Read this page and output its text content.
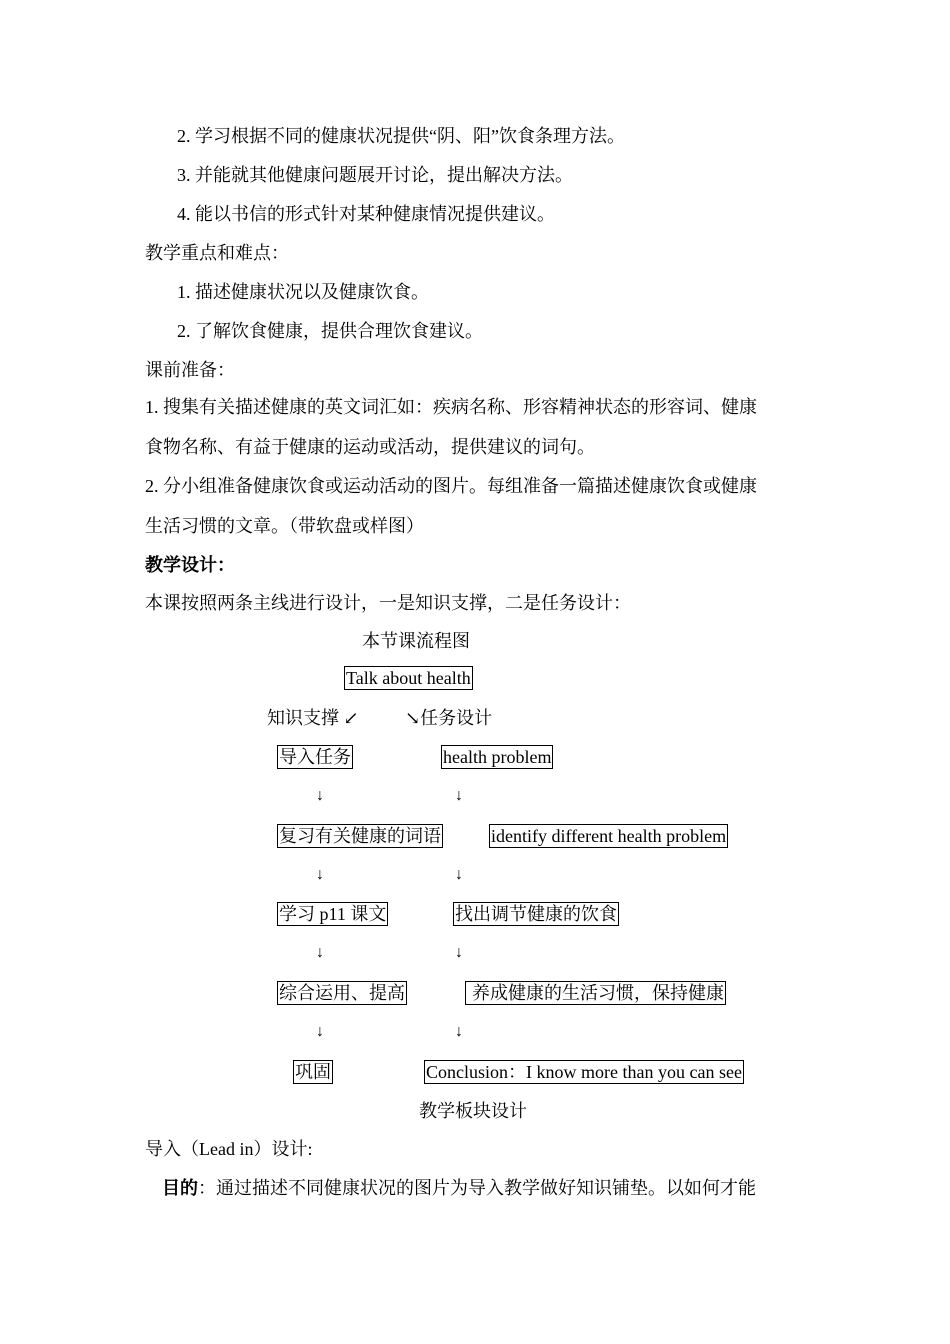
2. 学习根据不同的健康状况提供“阴、阳”饮食条理方法。
3. 并能就其他健康问题展开讨论，提出解决方法。
4. 能以书信的形式针对某种健康情况提供建议。
教学重点和难点：
1. 描述健康状况以及健康饮食。
2. 了解饮食健康，提供合理饮食建议。
课前准备：
1. 搜集有关描述健康的英文词汇如：疾病名称、形容精神状态的形容词、健康
食物名称、有益于健康的运动或活动，提供建议的词句。
2. 分小组准备健康饮食或运动活动的图片。每组准备一篇描述健康饮食或健康
生活习惯的文章。（带软盘或样图）
教学设计：
本课按照两条主线进行设计，一是知识支撑，二是任务设计：
本节课流程图
Talk about health
知识支撑 ↙	↘任务设计
导入任务	health problem
↓	↓
复习有关健康的词语	identify different health problem
↓	↓
学习 p11 课文	找出调节健康的饮食
↓	↓
综合运用、提高	养成健康的生活习惯，保持健康
↓	↓
巩固	Conclusion：I know more than you can see
教学板块设计
导入（Lead in）设计:
目的：通过描述不同健康状况的图片为导入教学做好知识铺垫。以如何才能
